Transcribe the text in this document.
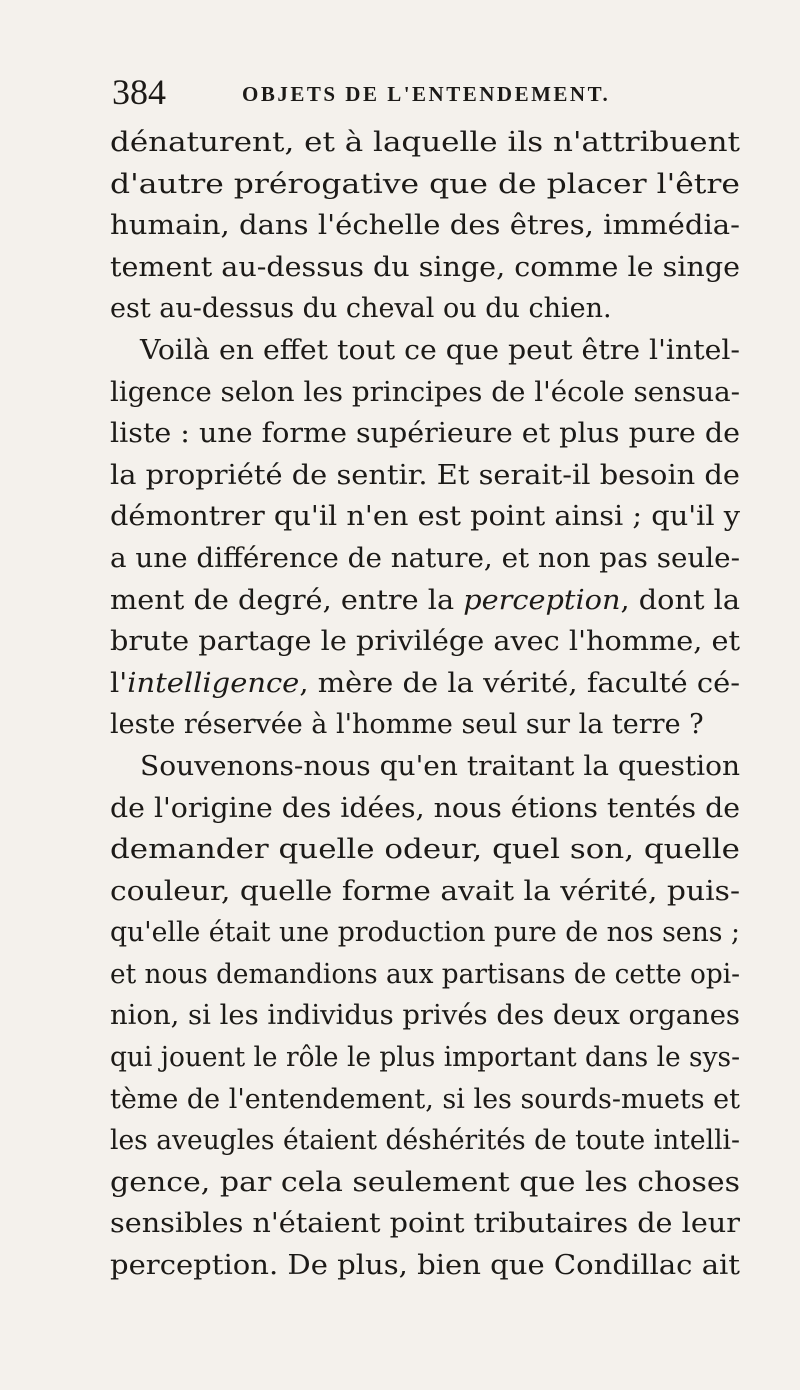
384	OBJETS DE L'ENTENDEMENT.
dénaturent, et à laquelle ils n'attribuent
d'autre prérogative que de placer l'être
humain, dans l'échelle des êtres, immédia-
tement au-dessus du singe, comme le singe
est au-dessus du cheval ou du chien.
Voilà en effet tout ce que peut être l'intel-
ligence selon les principes de l'école sensua-
liste : une forme supérieure et plus pure de
la propriété de sentir. Et serait-il besoin de
démontrer qu'il n'en est point ainsi ; qu'il y
a une différence de nature, et non pas seule-
ment de degré, entre la perception, dont la
brute partage le privilége avec l'homme, et
l'intelligence, mère de la vérité, faculté cé-
leste réservée à l'homme seul sur la terre ?
Souvenons-nous qu'en traitant la question
de l'origine des idées, nous étions tentés de
demander quelle odeur, quel son, quelle
couleur, quelle forme avait la vérité, puis-
qu'elle était une production pure de nos sens ;
et nous demandions aux partisans de cette opi-
nion, si les individus privés des deux organes
qui jouent le rôle le plus important dans le sys-
tème de l'entendement, si les sourds-muets et
les aveugles étaient déshérités de toute intelli-
gence, par cela seulement que les choses
sensibles n'étaient point tributaires de leur
perception. De plus, bien que Condillac ait
